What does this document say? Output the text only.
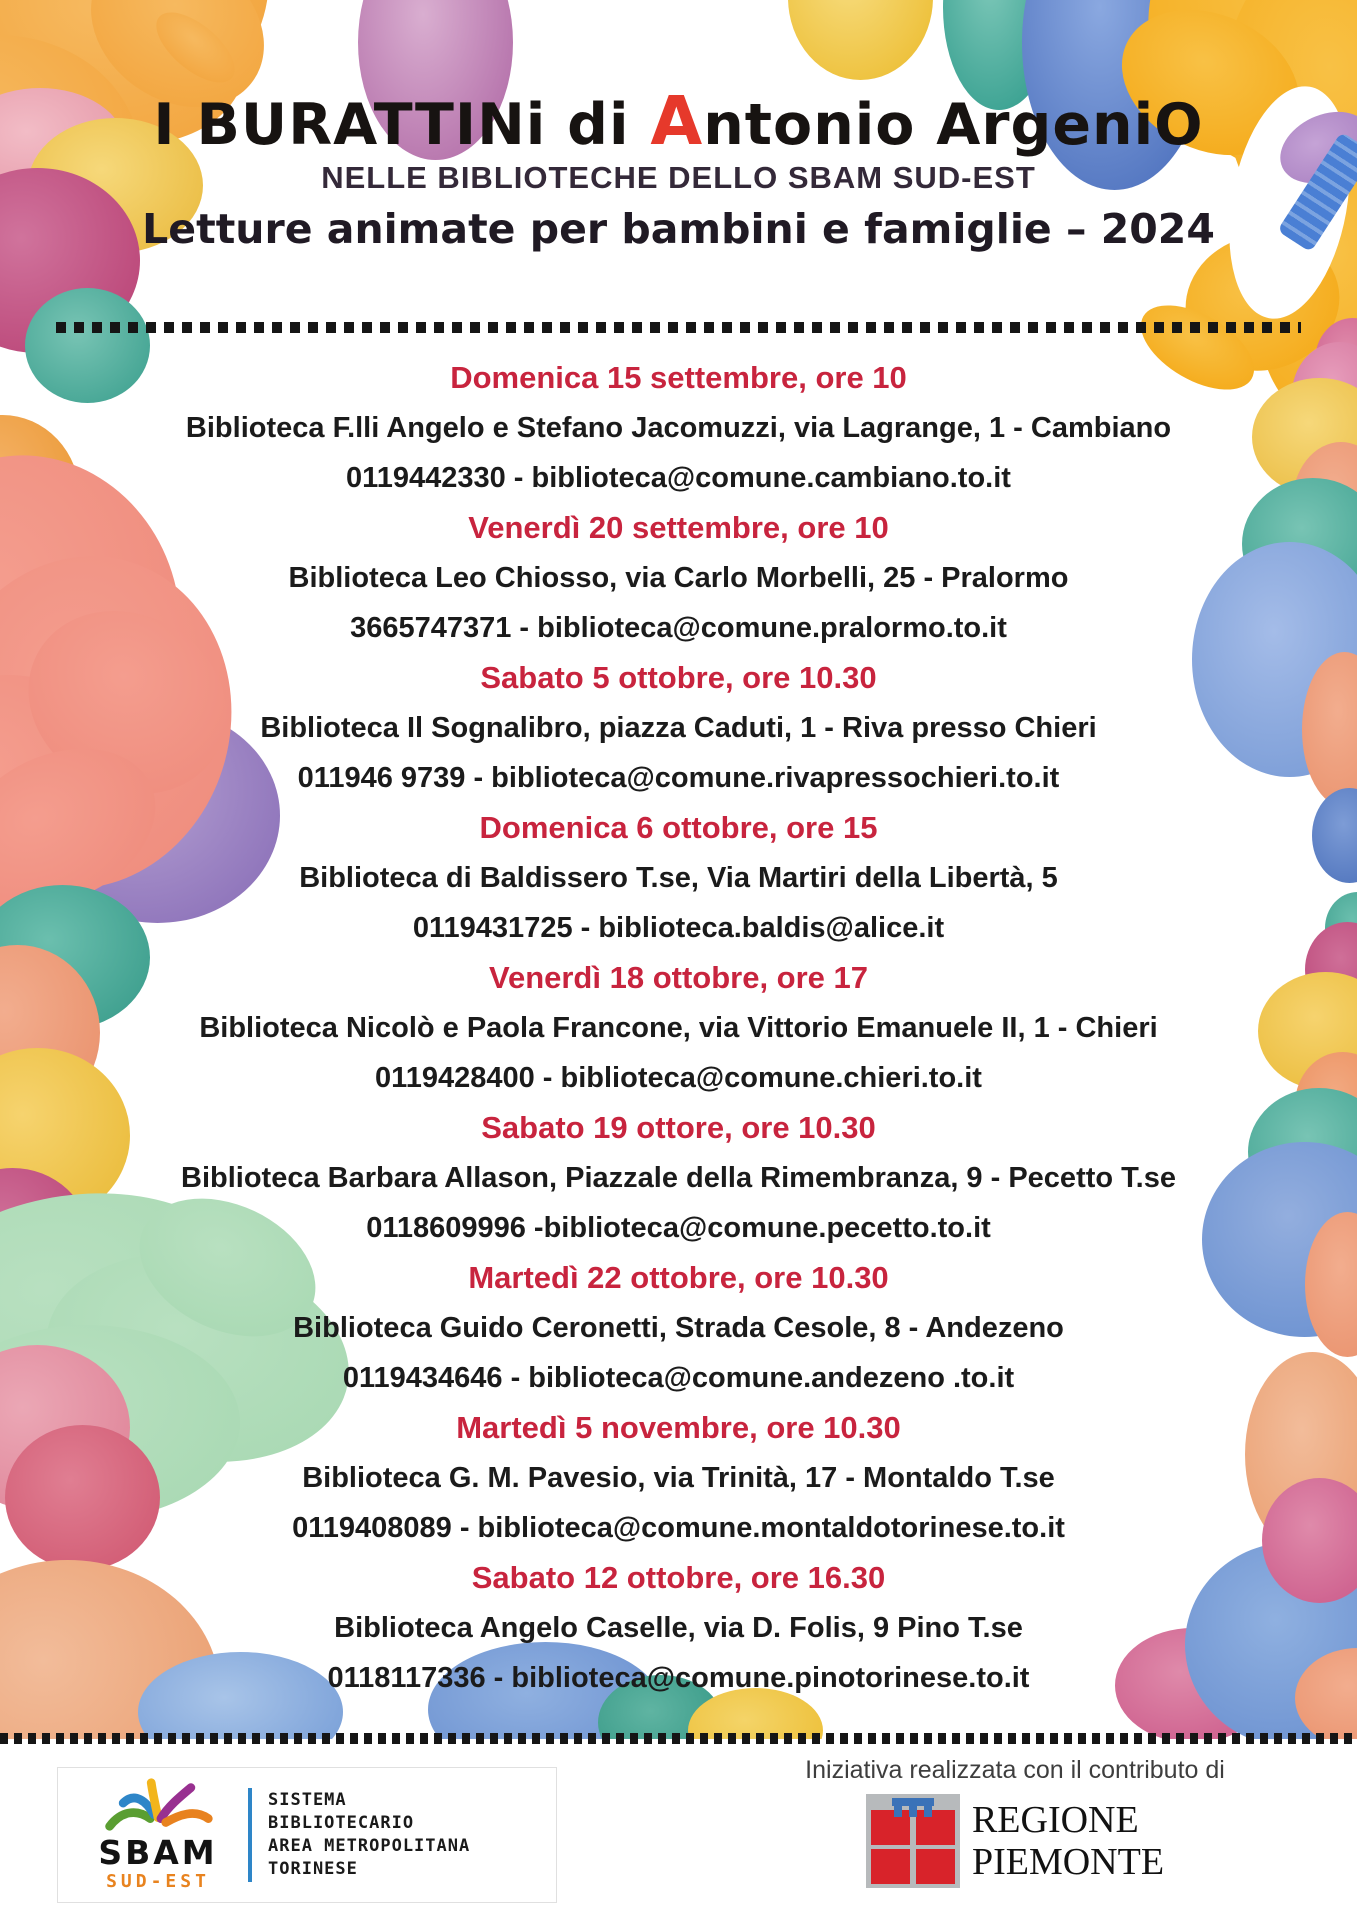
I BURATTINi di Antonio ArgeniO
NELLE BIBLIOTECHE DELLO SBAM SUD-EST
Letture animate per bambini e famiglie – 2024
Domenica 15 settembre, ore 10
Biblioteca F.lli Angelo e Stefano Jacomuzzi, via Lagrange, 1 - Cambiano
0119442330 - biblioteca@comune.cambiano.to.it
Venerdì 20 settembre, ore 10
Biblioteca Leo Chiosso, via Carlo Morbelli, 25 - Pralormo
3665747371 - biblioteca@comune.pralormo.to.it
Sabato 5 ottobre, ore 10.30
Biblioteca Il Sognalibro, piazza Caduti, 1 - Riva presso Chieri
011946 9739 - biblioteca@comune.rivapressochieri.to.it
Domenica 6 ottobre, ore 15
Biblioteca di Baldissero T.se, Via Martiri della Libertà, 5
0119431725 - biblioteca.baldis@alice.it
Venerdì 18 ottobre, ore 17
Biblioteca Nicolò e Paola Francone, via Vittorio Emanuele II, 1 - Chieri
0119428400 - biblioteca@comune.chieri.to.it
Sabato 19 ottore, ore 10.30
Biblioteca Barbara Allason, Piazzale della Rimembranza, 9 - Pecetto T.se
0118609996 -biblioteca@comune.pecetto.to.it
Martedì 22 ottobre, ore 10.30
Biblioteca Guido Ceronetti, Strada Cesole, 8 - Andezeno
0119434646 - biblioteca@comune.andezeno .to.it
Martedì 5 novembre, ore 10.30
Biblioteca G. M. Pavesio, via Trinità, 17 - Montaldo T.se
0119408089 - biblioteca@comune.montaldotorinese.to.it
Sabato 12 ottobre, ore 16.30
Biblioteca Angelo Caselle, via D. Folis, 9 Pino T.se
0118117336 - biblioteca@comune.pinotorinese.to.it
SBAM
SUD-EST
SISTEMA
BIBLIOTECARIO
AREA METROPOLITANA
TORINESE
Iniziativa realizzata con il contributo di
REGIONE
PIEMONTE
